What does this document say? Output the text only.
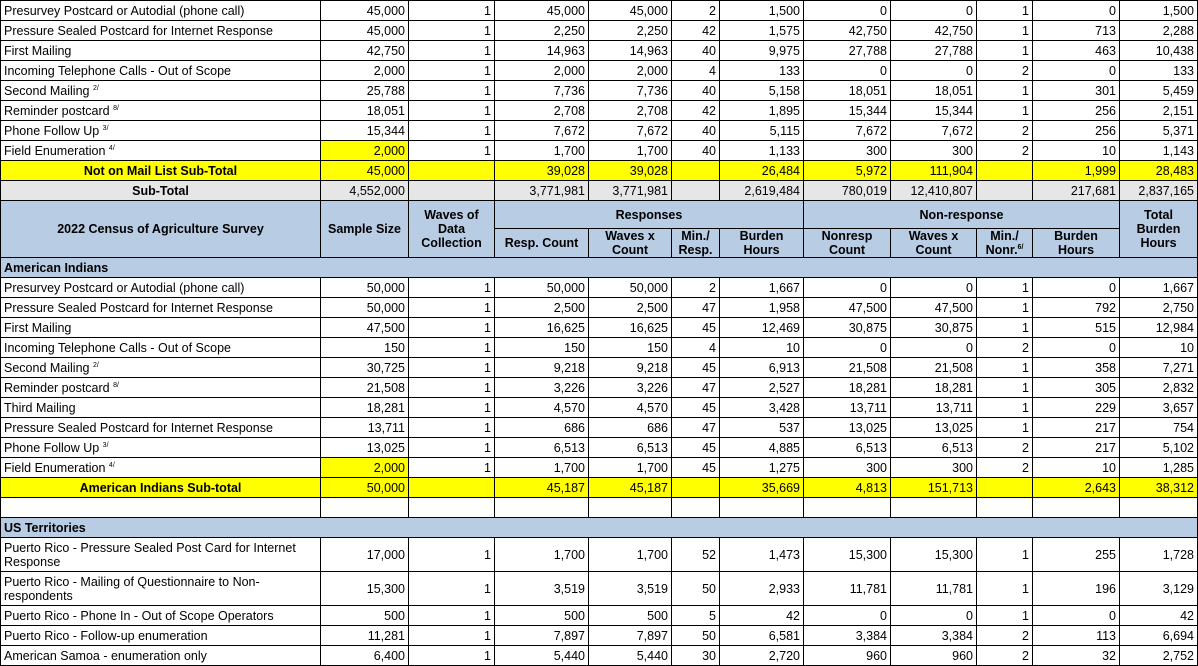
Presurvey Postcard or Autodial (phone call)	45,000	1	45,000	45,000	2	1,500	0	0	1	0	1,500
Pressure Sealed Postcard for Internet Response	45,000	1	2,250	2,250	42	1,575	42,750	42,750	1	713	2,288
First Mailing	42,750	1	14,963	14,963	40	9,975	27,788	27,788	1	463	10,438
Incoming Telephone Calls - Out of Scope	2,000	1	2,000	2,000	4	133	0	0	2	0	133
Second Mailing $^{2/}$	25,788	1	7,736	7,736	40	5,158	18,051	18,051	1	301	5,459
Reminder postcard $^{8/}$	18,051	1	2,708	2,708	42	1,895	15,344	15,344	1	256	2,151
Phone Follow Up $^{3/}$	15,344	1	7,672	7,672	40	5,115	7,672	7,672	2	256	5,371
Field Enumeration $^{4/}$	2,000	1	1,700	1,700	40	1,133	300	300	2	10	1,143
Not on Mail List Sub-Total	45,000		39,028	39,028		26,484	5,972	111,904		1,999	28,483
Sub-Total	4,552,000		3,771,981	3,771,981		2,619,484	780,019	12,410,807		217,681	2,837,165
2022 Census of Agriculture Survey	Sample Size	Waves of Data Collection	Responses				Non-response				Total Burden Hours
			Resp. Count	Waves x Count	Min./ Resp.	Burden Hours	Nonresp Count	Waves x Count	Min./ Nonr.$^{6/}$	Burden Hours	
American Indians											
Presurvey Postcard or Autodial (phone call)	50,000	1	50,000	50,000	2	1,667	0	0	1	0	1,667
Pressure Sealed Postcard for Internet Response	50,000	1	2,500	2,500	47	1,958	47,500	47,500	1	792	2,750
First Mailing	47,500	1	16,625	16,625	45	12,469	30,875	30,875	1	515	12,984
Incoming Telephone Calls - Out of Scope	150	1	150	150	4	10	0	0	2	0	10
Second Mailing $^{2/}$	30,725	1	9,218	9,218	45	6,913	21,508	21,508	1	358	7,271
Reminder postcard $^{8/}$	21,508	1	3,226	3,226	47	2,527	18,281	18,281	1	305	2,832
Third Mailing	18,281	1	4,570	4,570	45	3,428	13,711	13,711	1	229	3,657
Pressure Sealed Postcard for Internet Response	13,711	1	686	686	47	537	13,025	13,025	1	217	754
Phone Follow Up $^{3/}$	13,025	1	6,513	6,513	45	4,885	6,513	6,513	2	217	5,102
Field Enumeration $^{4/}$	2,000	1	1,700	1,700	45	1,275	300	300	2	10	1,285
American Indians Sub-total	50,000		45,187	45,187		35,669	4,813	151,713		2,643	38,312

US Territories											
Puerto Rico - Pressure Sealed Post Card for Internet Response	17,000	1	1,700	1,700	52	1,473	15,300	15,300	1	255	1,728
Puerto Rico - Mailing of Questionnaire to Non-respondents	15,300	1	3,519	3,519	50	2,933	11,781	11,781	1	196	3,129
Puerto Rico - Phone In - Out of Scope Operators	500	1	500	500	5	42	0	0	1	0	42
Puerto Rico - Follow-up enumeration	11,281	1	7,897	7,897	50	6,581	3,384	3,384	2	113	6,694
American Samoa - enumeration only	6,400	1	5,440	5,440	30	2,720	960	960	2	32	2,752
